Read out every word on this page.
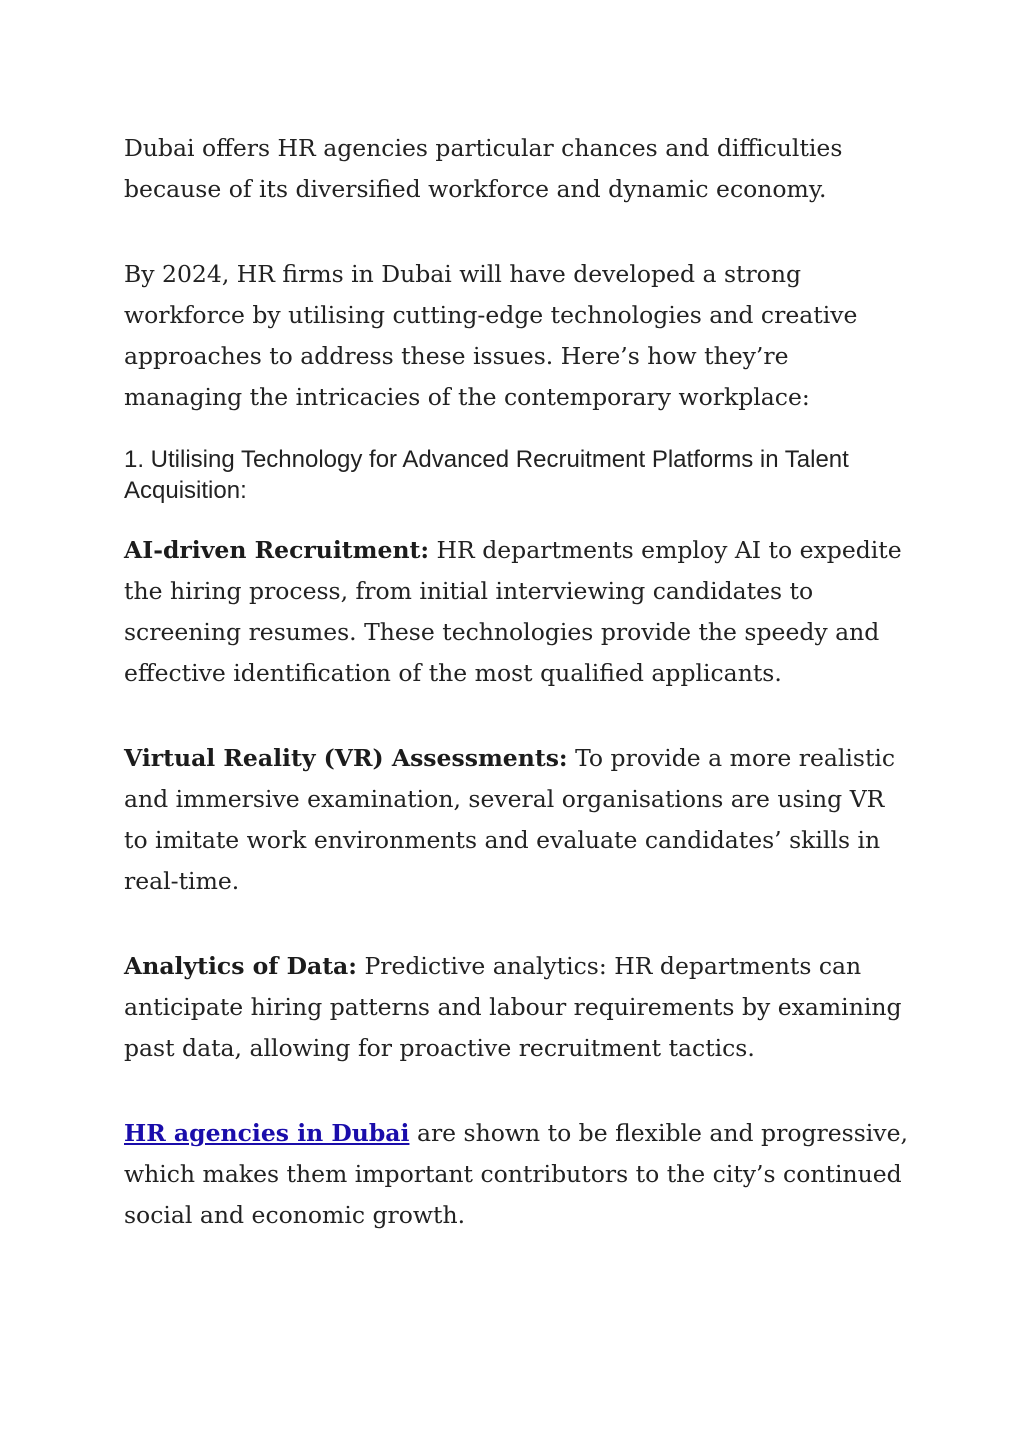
Dubai offers HR agencies particular chances and difficulties because of its diversified workforce and dynamic economy.

By 2024, HR firms in Dubai will have developed a strong workforce by utilising cutting-edge technologies and creative approaches to address these issues. Here’s how they’re managing the intricacies of the contemporary workplace:

1. Utilising Technology for Advanced Recruitment Platforms in Talent Acquisition:

AI-driven Recruitment: HR departments employ AI to expedite the hiring process, from initial interviewing candidates to screening resumes. These technologies provide the speedy and effective identification of the most qualified applicants.

Virtual Reality (VR) Assessments: To provide a more realistic and immersive examination, several organisations are using VR to imitate work environments and evaluate candidates’ skills in real-time.

Analytics of Data: Predictive analytics: HR departments can anticipate hiring patterns and labour requirements by examining past data, allowing for proactive recruitment tactics.

HR agencies in Dubai are shown to be flexible and progressive, which makes them important contributors to the city’s continued social and economic growth.
